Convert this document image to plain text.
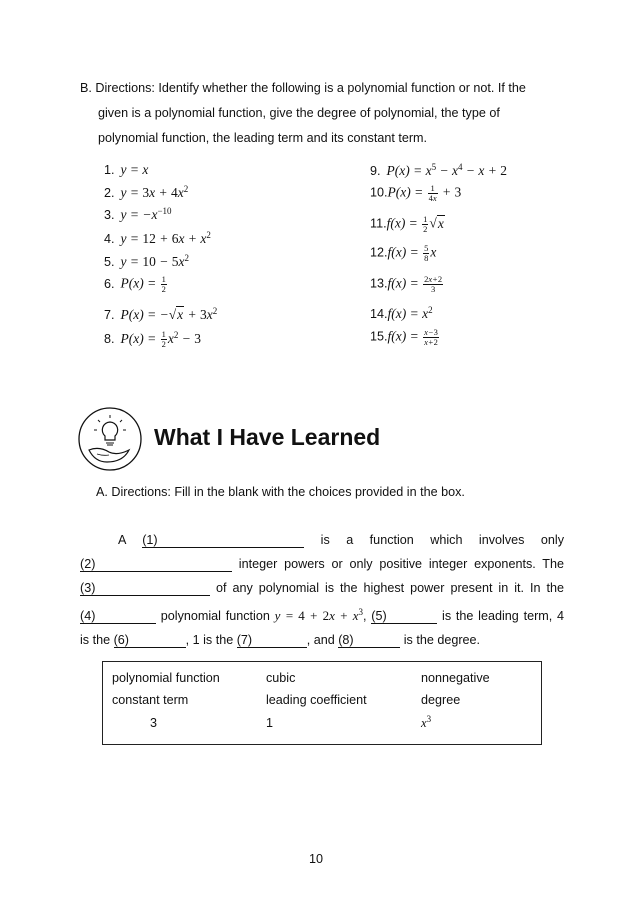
B. Directions: Identify whether the following is a polynomial function or not. If the
given is a polynomial function, give the degree of polynomial, the type of
polynomial function, the leading term and its constant term.
1. y = x
2. $y = 3x + 4x^2$
3. $y = -x^{-10}$
4. $y = 12 + 6x + x^2$
5. $y = 10 - 5x^2$
6. $P(x) = \frac{1}{2}$
7. $P(x) = -√x + 3x^2$
8. $P(x) = \frac{1}{2} x^2 - 3$
9. $P(x) = x^5 - x^4 - x + 2$
$10.P(x) = \frac{1}{4x} + 3$
$11.f(x) = \frac{1}{2} √x$
$12.f(x) = \frac{5}{8}$ x
$13.f(x) = \frac{2x+2}{3}$
$14.f(x) = x^2$
$15.f(x) = \frac{x-3}{x+2}$
What I Have Learned
A. Directions: Fill in the blank with the choices provided in the box.
A (1)	is a function which involves only
(2)	integer powers or only positive integer exponents. The
(3)	of any polynomial is the highest power present in it. In the
(4)	polynomial function $y = 4 + 2x + x^3$, (5)	is the leading term, 4
is the (6)	, 1 is the (7)	, and (8)	is the degree.
polynomial function	cubic	nonnegative
constant term	leading coefficient	degree
3	1	$x^3$
10
